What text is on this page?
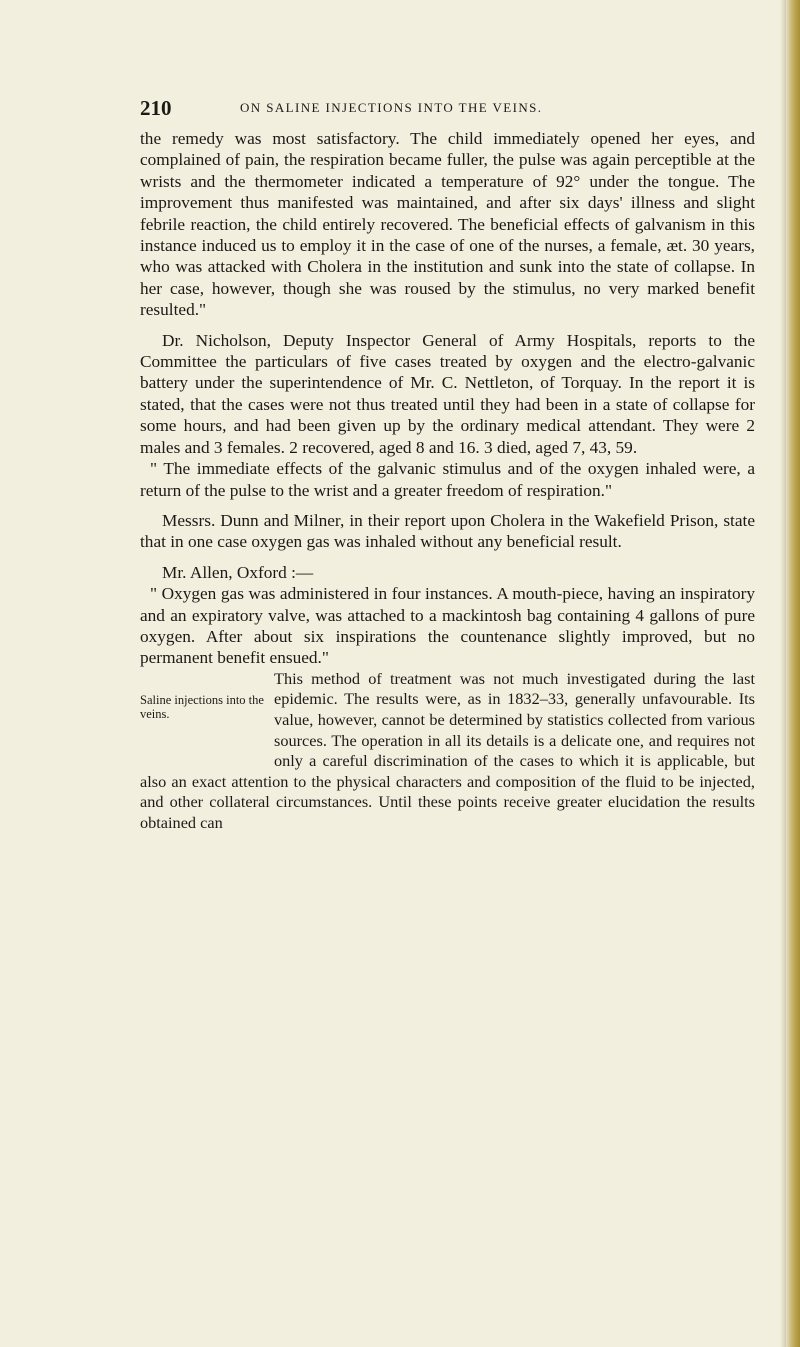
210	ON SALINE INJECTIONS INTO THE VEINS.

the remedy was most satisfactory. The child immediately opened her eyes, and complained of pain, the respiration became fuller, the pulse was again perceptible at the wrists and the thermometer indicated a temperature of 92° under the tongue. The improvement thus manifested was maintained, and after six days' illness and slight febrile reaction, the child entirely recovered. The beneficial effects of galvanism in this instance induced us to employ it in the case of one of the nurses, a female, æt. 30 years, who was attacked with Cholera in the institution and sunk into the state of collapse. In her case, however, though she was roused by the stimulus, no very marked benefit resulted."

Dr. Nicholson, Deputy Inspector General of Army Hospitals, reports to the Committee the particulars of five cases treated by oxygen and the electro-galvanic battery under the superintendence of Mr. C. Nettleton, of Torquay. In the report it is stated, that the cases were not thus treated until they had been in a state of collapse for some hours, and had been given up by the ordinary medical attendant. They were 2 males and 3 females. 2 recovered, aged 8 and 16. 3 died, aged 7, 43, 59.

" The immediate effects of the galvanic stimulus and of the oxygen inhaled were, a return of the pulse to the wrist and a greater freedom of respiration."

Messrs. Dunn and Milner, in their report upon Cholera in the Wakefield Prison, state that in one case oxygen gas was inhaled without any beneficial result.

Mr. Allen, Oxford :—

" Oxygen gas was administered in four instances. A mouth-piece, having an inspiratory and an expiratory valve, was attached to a mackintosh bag containing 4 gallons of pure oxygen. After about six inspirations the countenance slightly improved, but no permanent benefit ensued."

Saline injections into the veins.

This method of treatment was not much investigated during the last epidemic. The results were, as in 1832–33, generally unfavourable. Its value, however, cannot be determined by statistics collected from various sources. The operation in all its details is a delicate one, and requires not only a careful discrimination of the cases to which it is applicable, but also an exact attention to the physical characters and composition of the fluid to be injected, and other collateral circumstances. Until these points receive greater elucidation the results obtained can
